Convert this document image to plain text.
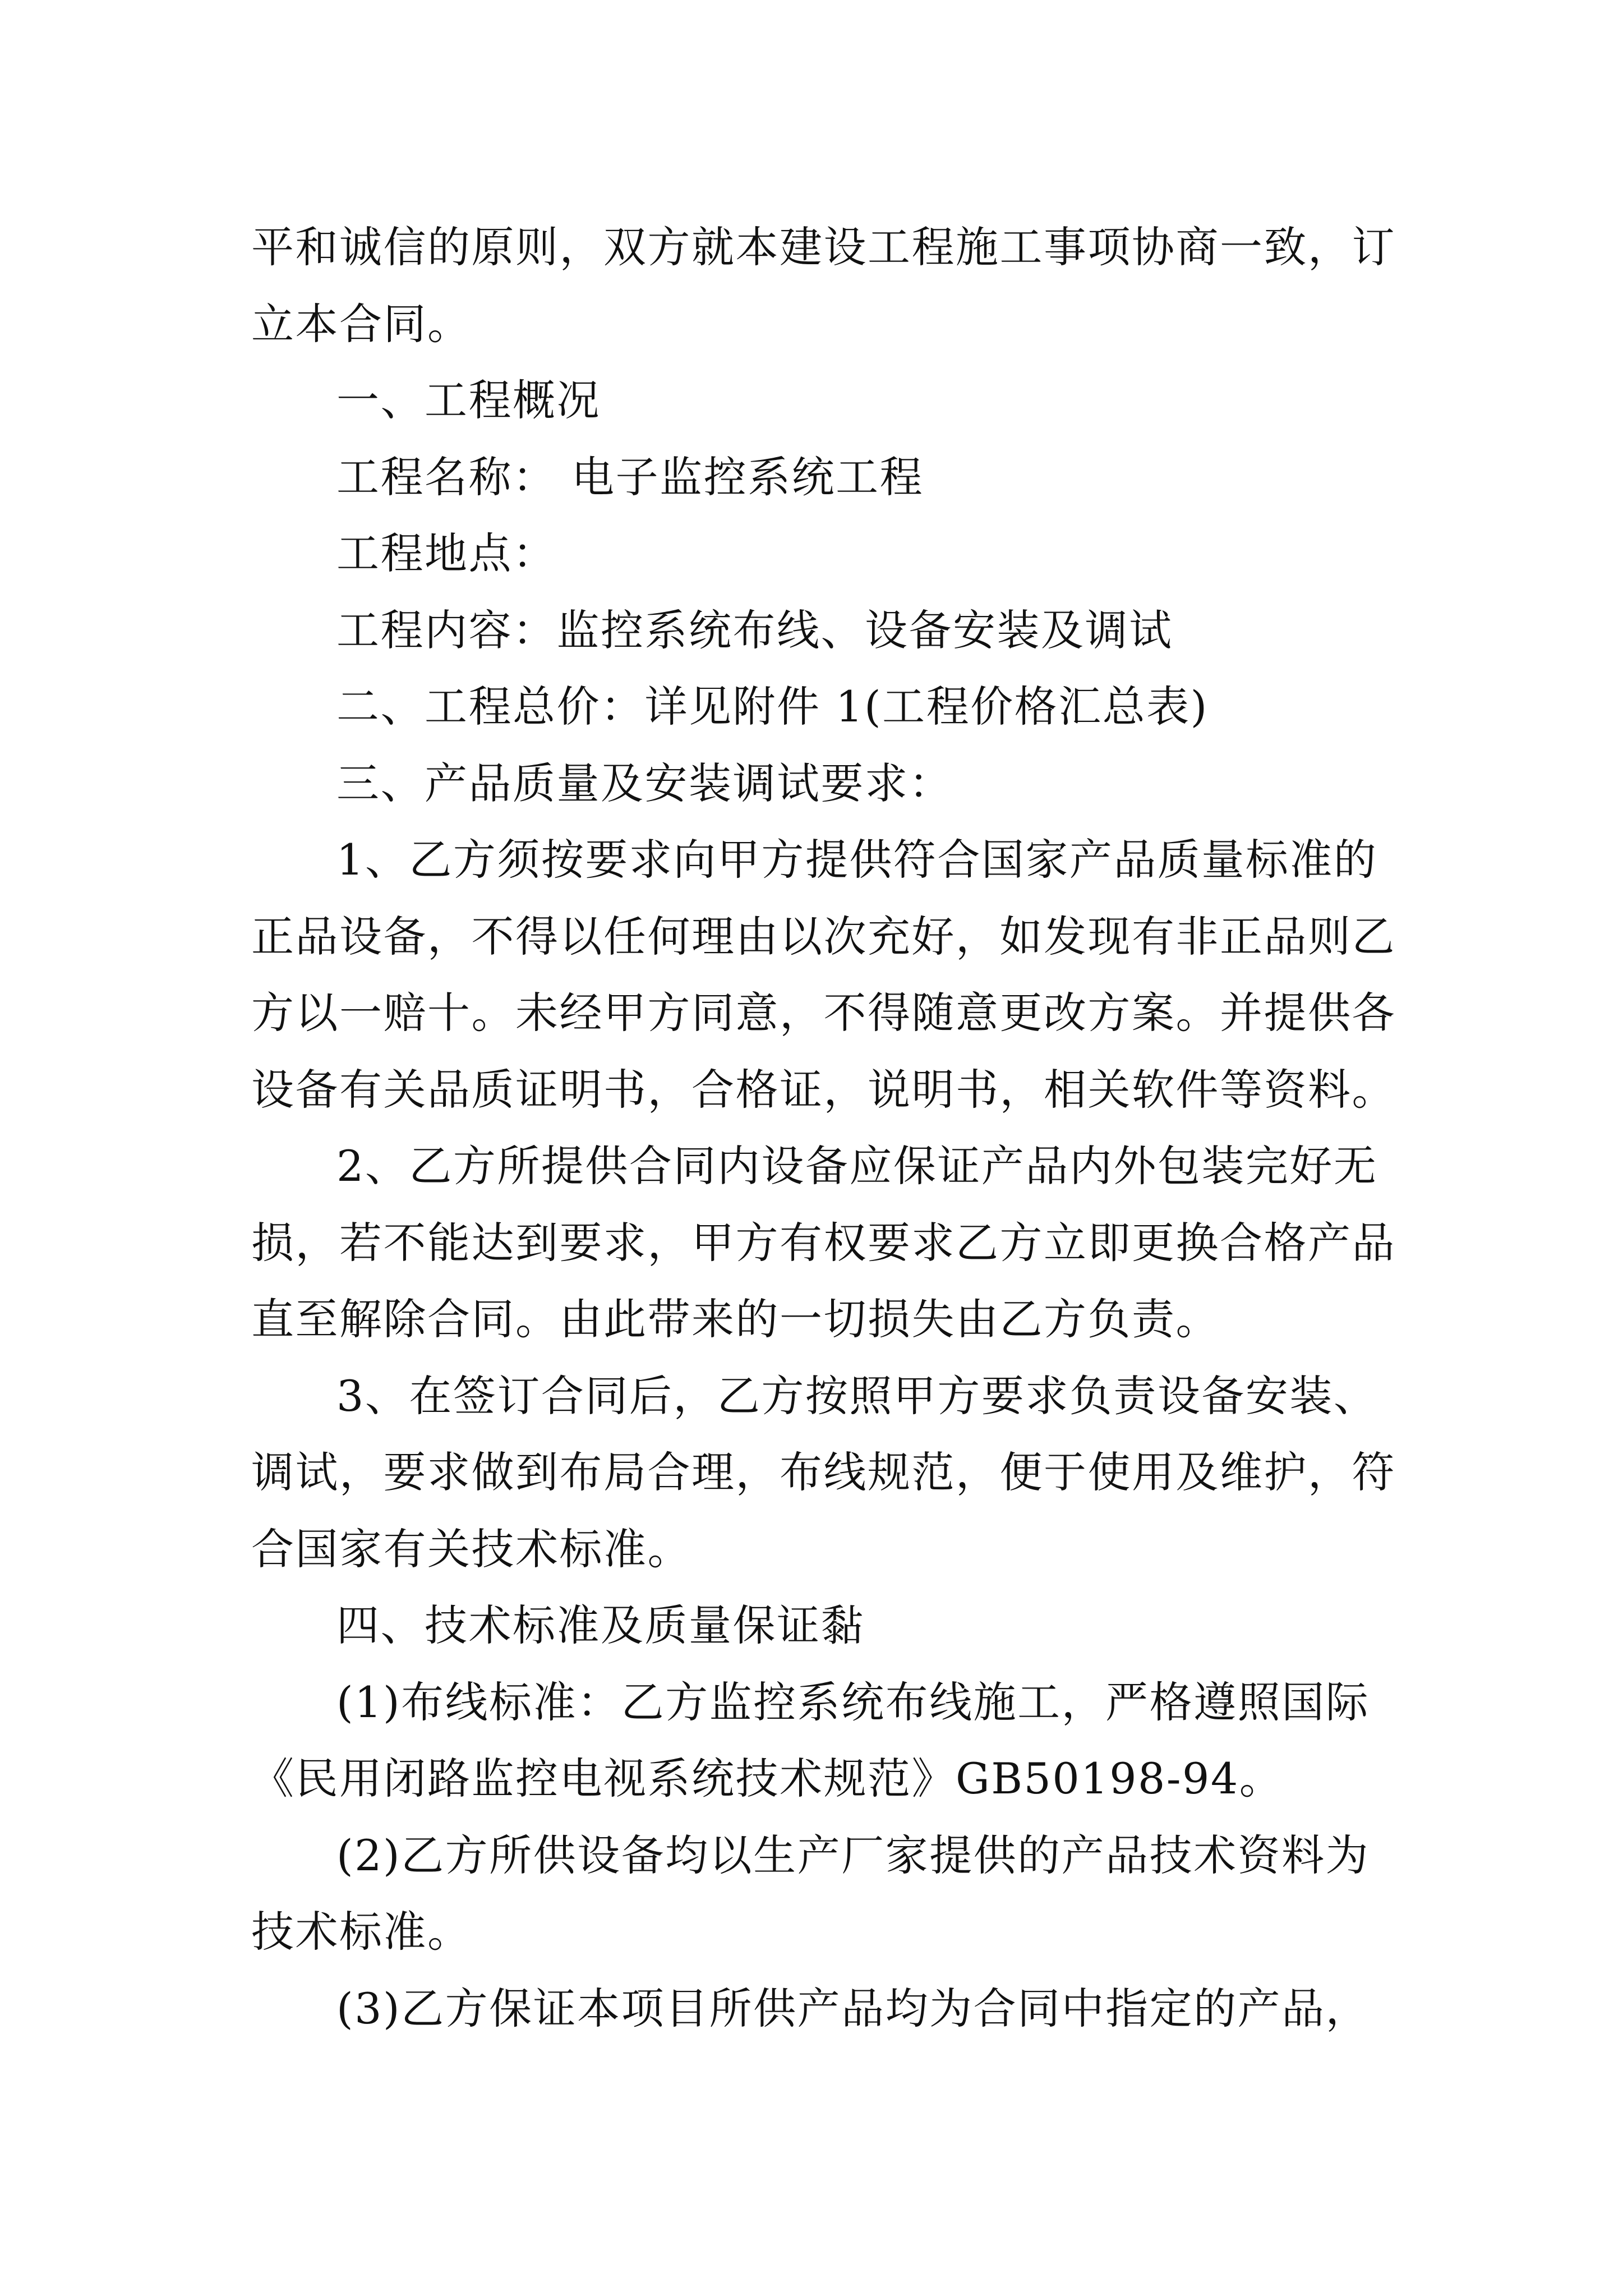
平和诚信的原则，双方就本建设工程施工事项协商一致，订
立本合同。
一、工程概况
工程名称： 电子监控系统工程
工程地点：
工程内容：监控系统布线、设备安装及调试
二、工程总价：详见附件 1(工程价格汇总表)
三、产品质量及安装调试要求：
1、乙方须按要求向甲方提供符合国家产品质量标准的
正品设备，不得以任何理由以次充好，如发现有非正品则乙
方以一赔十。未经甲方同意，不得随意更改方案。并提供各
设备有关品质证明书，合格证，说明书，相关软件等资料。
2、乙方所提供合同内设备应保证产品内外包装完好无
损，若不能达到要求，甲方有权要求乙方立即更换合格产品
直至解除合同。由此带来的一切损失由乙方负责。
3、在签订合同后，乙方按照甲方要求负责设备安装、
调试，要求做到布局合理，布线规范，便于使用及维护，符
合国家有关技术标准。
四、技术标准及质量保证黏
(1)布线标准：乙方监控系统布线施工，严格遵照国际
《民用闭路监控电视系统技术规范》GB50198-94。
(2)乙方所供设备均以生产厂家提供的产品技术资料为
技术标准。
(3)乙方保证本项目所供产品均为合同中指定的产品，
